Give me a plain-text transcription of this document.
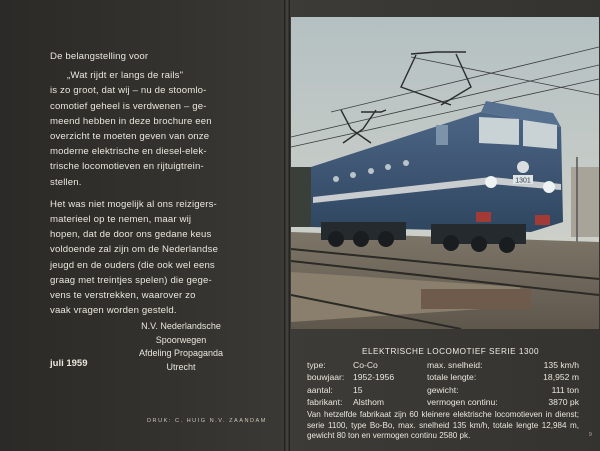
De belangstelling voor

„Wat rijdt er langs de rails"

is zo groot, dat wij – nu de stoomlo-
comotief geheel is verdwenen – ge-
meend hebben in deze brochure een
overzicht te moeten geven van onze
moderne elektrische en diesel-elek-
trische locomotieven en rijtuigtrein-
stellen.

Het was niet mogelijk al ons reizigers-
materieel op te nemen, maar wij
hopen, dat de door ons gedane keus
voldoende zal zijn om de Nederlandse
jeugd en de ouders (die ook wel eens
graag met treintjes spelen) die gege-
vens te verstrekken, waarover zo
vaak vragen worden gesteld.

N.V. Nederlandsche Spoorwegen
Afdeling Propaganda
Utrecht
juli 1959
DRUK: C. HUIG N.V. ZAANDAM
1301
ELEKTRISCHE LOCOMOTIEF SERIE 1300
type:	Co-Co	max. snelheid:	135 km/h
bouwjaar: 1952-1956	totale lengte:	18,952 m
aantal: 15	gewicht:	111 ton
fabrikant: Alsthom	vermogen continu:	3870 pk
Van hetzelfde fabrikaat zijn 60 kleinere elektrische locomotieven in dienst; serie 1100, type Bo-Bo, max. snelheid 135 km/h, totale lengte 12,984 m, gewicht 80 ton en vermogen continu 2580 pk.	9
